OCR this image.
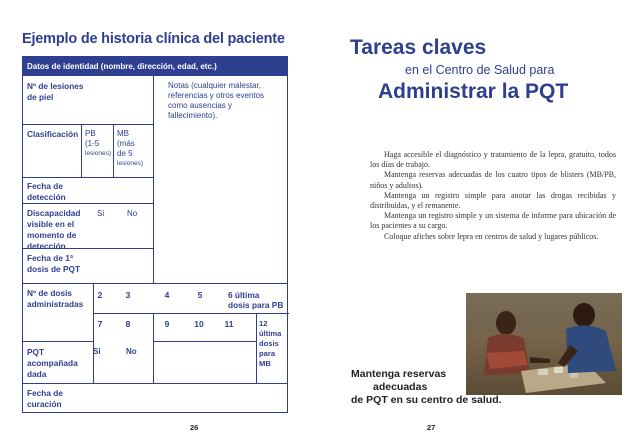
Ejemplo de historia clínica del paciente
Datos de identidad (nombre, dirección, edad, etc.)
Nº de lesiones
de piel
Notas (cualquier malestar,
referencias y otros eventos
como ausencias y
fallecimiento).
Clasificación PB
(1-5
lesiones)
MB
(más
de 5
lesiones)
Fecha de
detección
Discapacidad
visible en el
momento de
detección
Si	No
Fecha de 1ª
dosis de PQT
Nº de dosis
administradas
2	3	4	5	6 última
dosis para PB
7	8	9	10	11	12
última
dosis
para MB
PQT
acompañada
dada
Si	No
Fecha de
curación
26
Tareas claves
en el Centro de Salud para
Administrar la PQT

Haga accesible el diagnóstico y tratamiento de la lepra, gratuito, todos los días de trabajo.

Mantenga reservas adecuadas de los cuatro tipos de blisters (MB/PB, niños y adultos).

Mantenga un registro simple para anotar las drogas recibidas y distribuidas, y el remanente.

Mantenga un registro simple y un sistema de informe para ubicación de los pacientes a su cargo.

Coloque afiches sobre lepra en centros de salud y lugares públicos.

Mantenga reservas
adecuadas
de PQT en su centro de salud.
27
